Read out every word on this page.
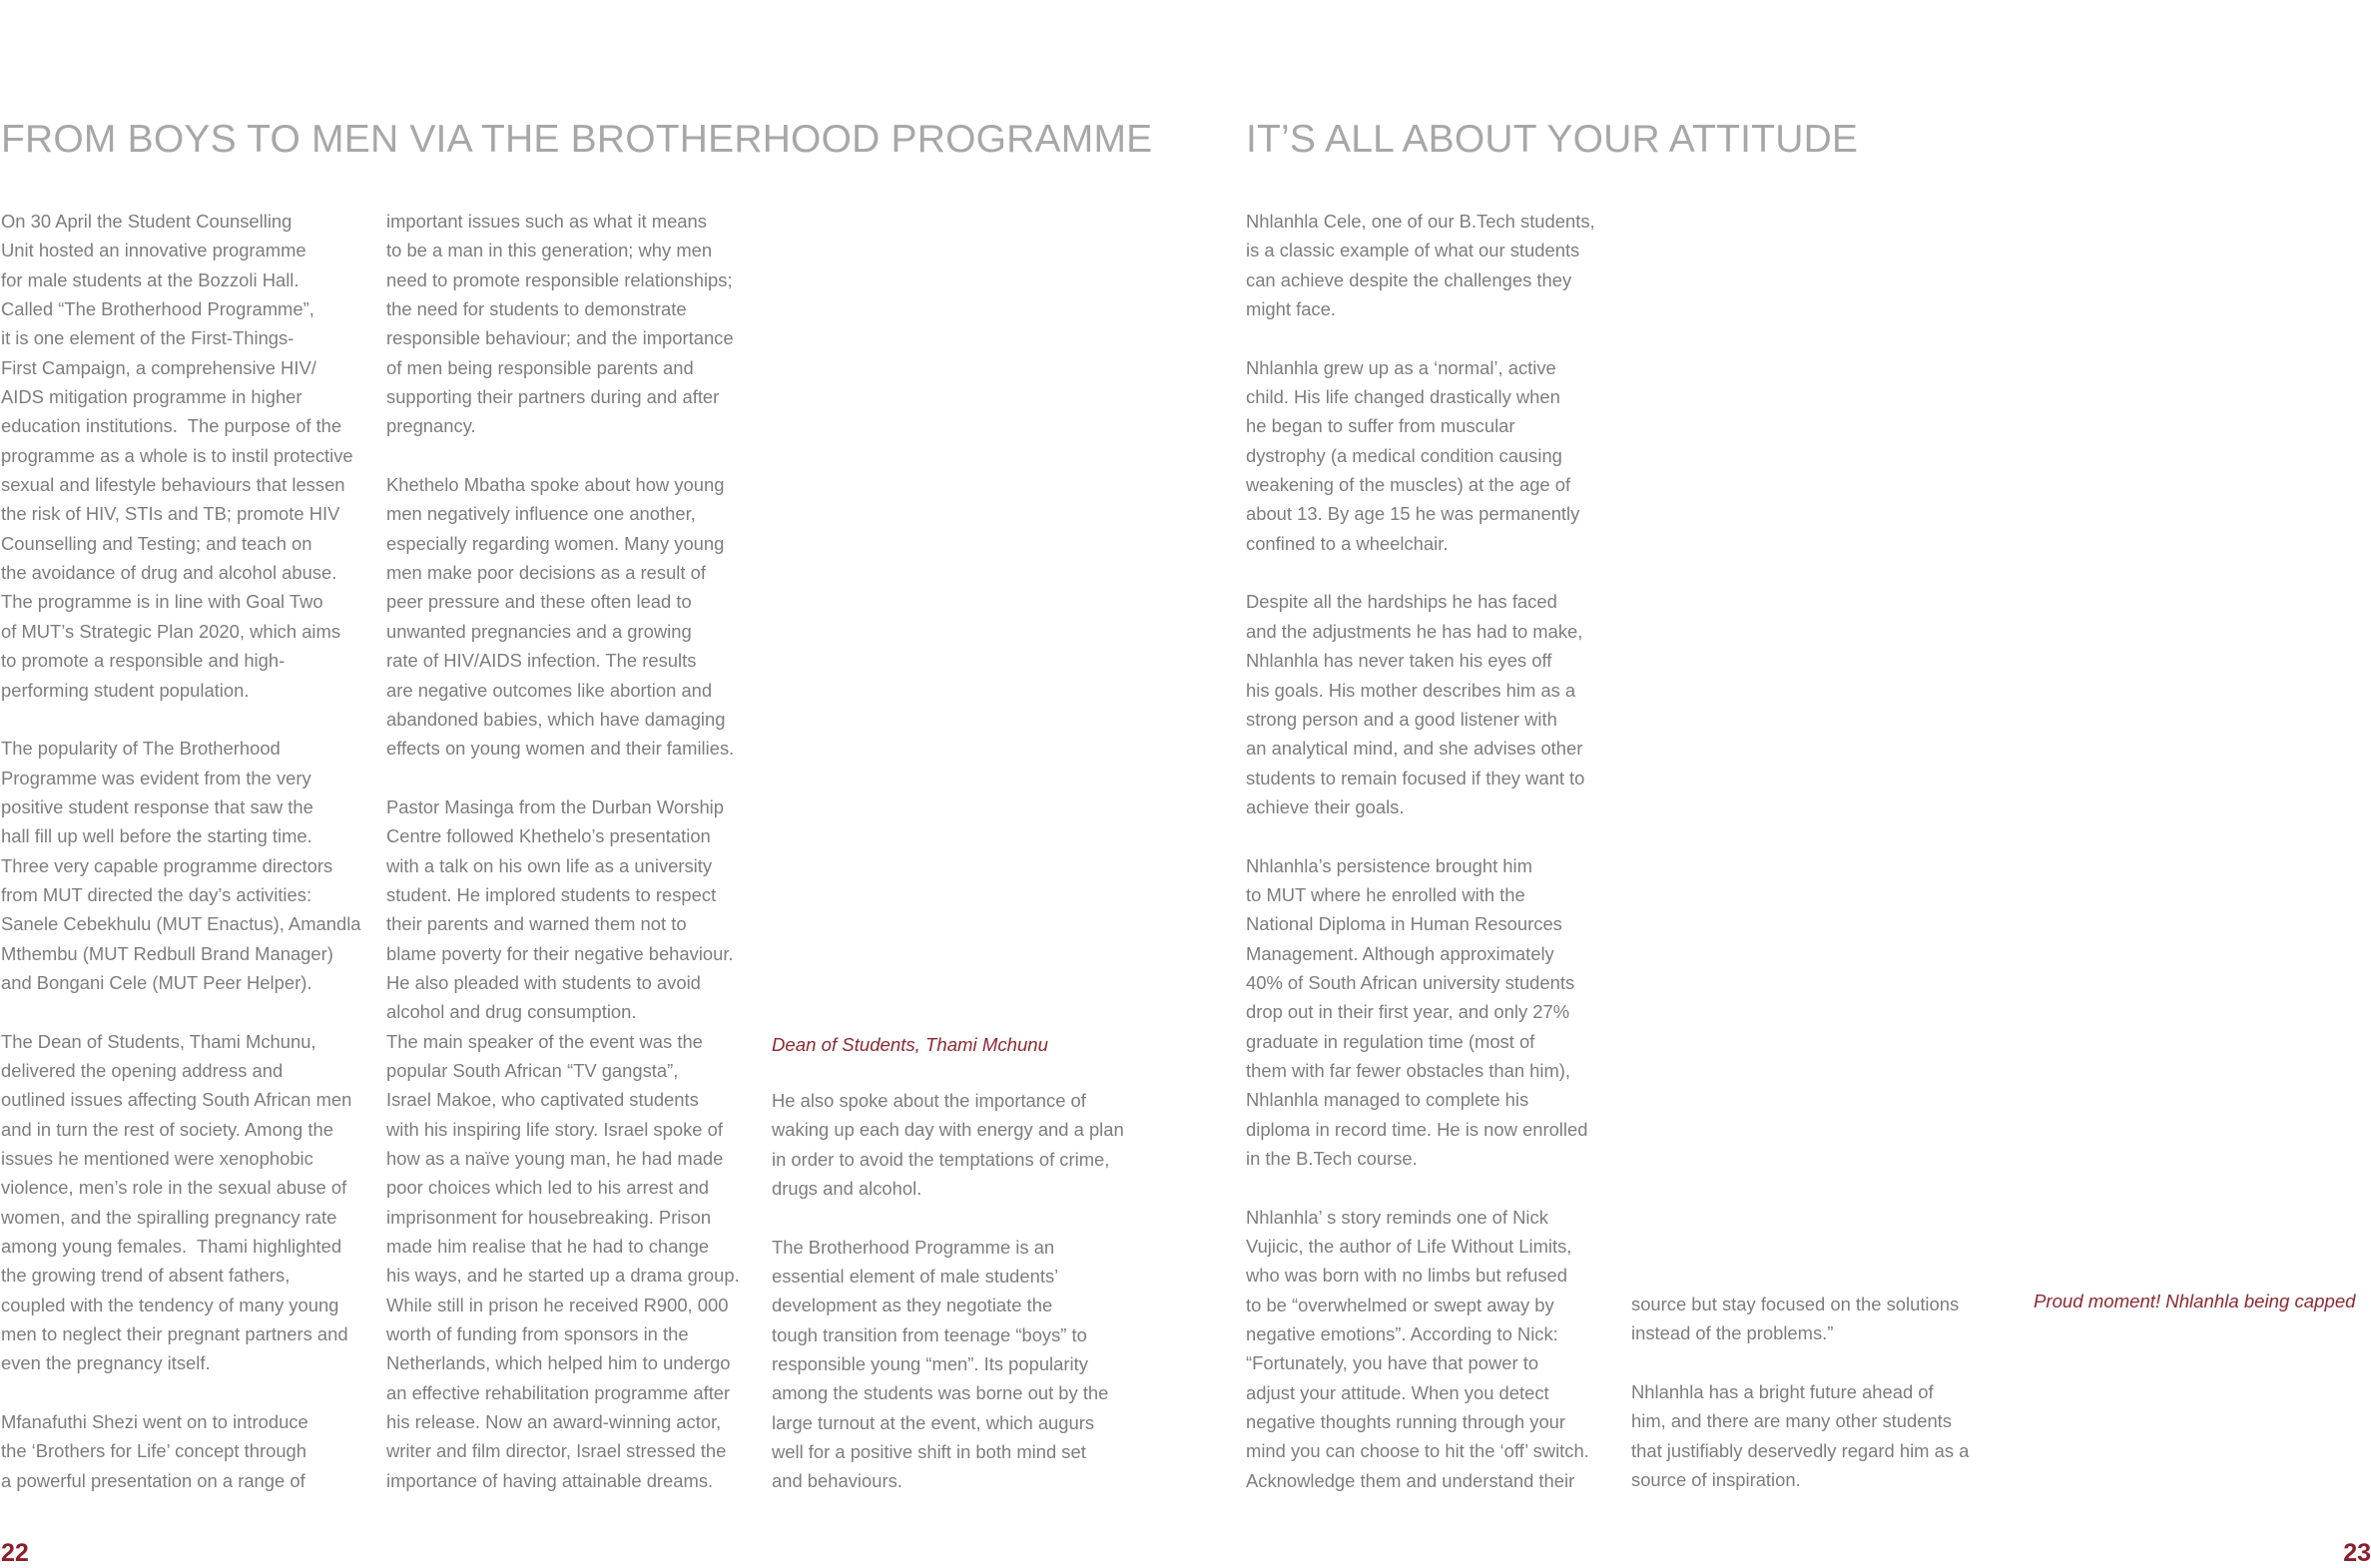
FROM BOYS TO MEN VIA THE BROTHERHOOD PROGRAMME

On 30 April the Student Counselling
Unit hosted an innovative programme
for male students at the Bozzoli Hall.
Called “The Brotherhood Programme”,
it is one element of the First-Things-
First Campaign, a comprehensive HIV/
AIDS mitigation programme in higher
education institutions.  The purpose of the
programme as a whole is to instil protective
sexual and lifestyle behaviours that lessen
the risk of HIV, STIs and TB; promote HIV
Counselling and Testing; and teach on
the avoidance of drug and alcohol abuse.
The programme is in line with Goal Two
of MUT’s Strategic Plan 2020, which aims
to promote a responsible and high-
performing student population.

The popularity of The Brotherhood
Programme was evident from the very
positive student response that saw the
hall fill up well before the starting time.
Three very capable programme directors
from MUT directed the day’s activities:
Sanele Cebekhulu (MUT Enactus), Amandla
Mthembu (MUT Redbull Brand Manager)
and Bongani Cele (MUT Peer Helper).

The Dean of Students, Thami Mchunu,
delivered the opening address and
outlined issues affecting South African men
and in turn the rest of society. Among the
issues he mentioned were xenophobic
violence, men’s role in the sexual abuse of
women, and the spiralling pregnancy rate
among young females.  Thami highlighted
the growing trend of absent fathers,
coupled with the tendency of many young
men to neglect their pregnant partners and
even the pregnancy itself.

Mfanafuthi Shezi went on to introduce
the ‘Brothers for Life’ concept through
a powerful presentation on a range of

important issues such as what it means
to be a man in this generation; why men
need to promote responsible relationships;
the need for students to demonstrate
responsible behaviour; and the importance
of men being responsible parents and
supporting their partners during and after
pregnancy.

Khethelo Mbatha spoke about how young
men negatively influence one another,
especially regarding women. Many young
men make poor decisions as a result of
peer pressure and these often lead to
unwanted pregnancies and a growing
rate of HIV/AIDS infection. The results
are negative outcomes like abortion and
abandoned babies, which have damaging
effects on young women and their families.

Pastor Masinga from the Durban Worship
Centre followed Khethelo’s presentation
with a talk on his own life as a university
student. He implored students to respect
their parents and warned them not to
blame poverty for their negative behaviour.
He also pleaded with students to avoid
alcohol and drug consumption.
The main speaker of the event was the
popular South African “TV gangsta”,
Israel Makoe, who captivated students
with his inspiring life story. Israel spoke of
how as a naïve young man, he had made
poor choices which led to his arrest and
imprisonment for housebreaking. Prison
made him realise that he had to change
his ways, and he started up a drama group.
While still in prison he received R900, 000
worth of funding from sponsors in the
Netherlands, which helped him to undergo
an effective rehabilitation programme after
his release. Now an award-winning actor,
writer and film director, Israel stressed the
importance of having attainable dreams.

Dean of Students, Thami Mchunu

He also spoke about the importance of
waking up each day with energy and a plan
in order to avoid the temptations of crime,
drugs and alcohol.

The Brotherhood Programme is an
essential element of male students’
development as they negotiate the
tough transition from teenage “boys” to
responsible young “men”. Its popularity
among the students was borne out by the
large turnout at the event, which augurs
well for a positive shift in both mind set
and behaviours.

22

IT’S ALL ABOUT YOUR ATTITUDE

Nhlanhla Cele, one of our B.Tech students,
is a classic example of what our students
can achieve despite the challenges they
might face.

Nhlanhla grew up as a ‘normal’, active
child. His life changed drastically when
he began to suffer from muscular
dystrophy (a medical condition causing
weakening of the muscles) at the age of
about 13. By age 15 he was permanently
confined to a wheelchair.

Despite all the hardships he has faced
and the adjustments he has had to make,
Nhlanhla has never taken his eyes off
his goals. His mother describes him as a
strong person and a good listener with
an analytical mind, and she advises other
students to remain focused if they want to
achieve their goals.

Nhlanhla’s persistence brought him
to MUT where he enrolled with the
National Diploma in Human Resources
Management. Although approximately
40% of South African university students
drop out in their first year, and only 27%
graduate in regulation time (most of
them with far fewer obstacles than him),
Nhlanhla managed to complete his
diploma in record time. He is now enrolled
in the B.Tech course.

Nhlanhla’ s story reminds one of Nick
Vujicic, the author of Life Without Limits,
who was born with no limbs but refused
to be “overwhelmed or swept away by
negative emotions”. According to Nick:
“Fortunately, you have that power to
adjust your attitude. When you detect
negative thoughts running through your
mind you can choose to hit the ‘off’ switch.
Acknowledge them and understand their

source but stay focused on the solutions
instead of the problems.”

Nhlanhla has a bright future ahead of
him, and there are many other students
that justifiably deservedly regard him as a
source of inspiration.

Proud moment! Nhlanhla being capped

23
